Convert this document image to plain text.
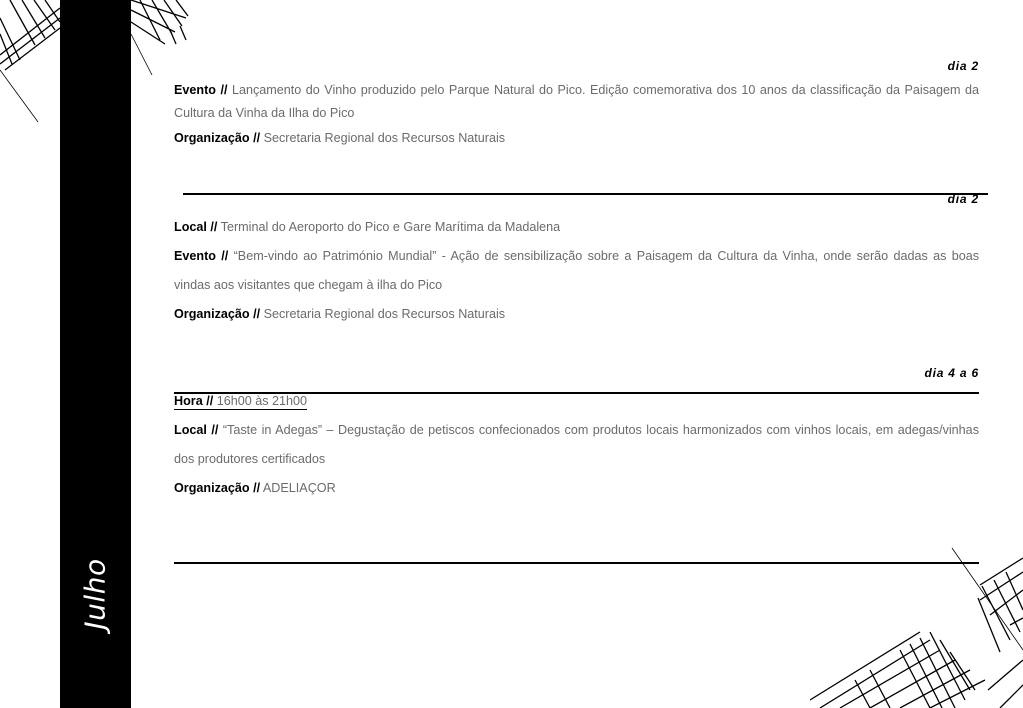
Julho
dia 2

Evento // Lançamento do Vinho produzido pelo Parque Natural do Pico. Edição comemorativa dos 10 anos da classificação da Paisagem da Cultura da Vinha da Ilha do Pico

Organização // Secretaria Regional dos Recursos Naturais

dia 2

Local // Terminal do Aeroporto do Pico e Gare Marítima da Madalena

Evento // “Bem-vindo ao Património Mundial” - Ação de sensibilização sobre a Paisagem da Cultura da Vinha, onde serão dadas as boas vindas aos visitantes que chegam à ilha do Pico

Organização // Secretaria Regional dos Recursos Naturais

dia 4 a 6

Hora // 16h00 às 21h00

Local // “Taste in Adegas” – Degustação de petiscos confecionados com produtos locais harmonizados com vinhos locais, em adegas/vinhas dos produtores certificados

Organização // ADELIAÇOR
